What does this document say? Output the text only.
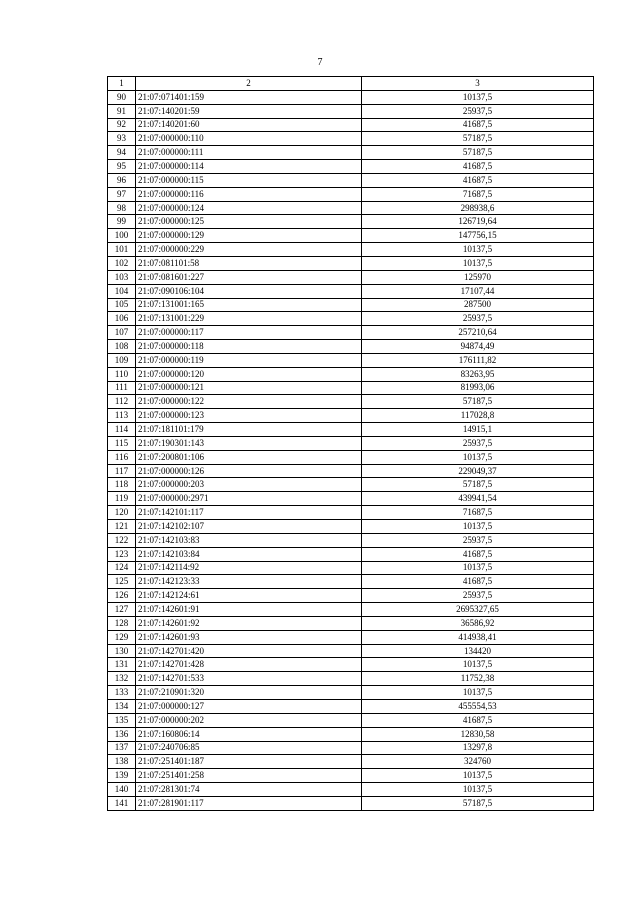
7
1	2	3
90	21:07:071401:159	10137,5
91	21:07:140201:59	25937,5
92	21:07:140201:60	41687,5
93	21:07:000000:110	57187,5
94	21:07:000000:111	57187,5
95	21:07:000000:114	41687,5
96	21:07:000000:115	41687,5
97	21:07:000000:116	71687,5
98	21:07:000000:124	298938,6
99	21:07:000000:125	126719,64
100	21:07:000000:129	147756,15
101	21:07:000000:229	10137,5
102	21:07:081101:58	10137,5
103	21:07:081601:227	125970
104	21:07:090106:104	17107,44
105	21:07:131001:165	287500
106	21:07:131001:229	25937,5
107	21:07:000000:117	257210,64
108	21:07:000000:118	94874,49
109	21:07:000000:119	176111,82
110	21:07:000000:120	83263,95
111	21:07:000000:121	81993,06
112	21:07:000000:122	57187,5
113	21:07:000000:123	117028,8
114	21:07:181101:179	14915,1
115	21:07:190301:143	25937,5
116	21:07:200801:106	10137,5
117	21:07:000000:126	229049,37
118	21:07:000000:203	57187,5
119	21:07:000000:2971	439941,54
120	21:07:142101:117	71687,5
121	21:07:142102:107	10137,5
122	21:07:142103:83	25937,5
123	21:07:142103:84	41687,5
124	21:07:142114:92	10137,5
125	21:07:142123:33	41687,5
126	21:07:142124:61	25937,5
127	21:07:142601:91	2695327,65
128	21:07:142601:92	36586,92
129	21:07:142601:93	414938,41
130	21:07:142701:420	134420
131	21:07:142701:428	10137,5
132	21:07:142701:533	11752,38
133	21:07:210901:320	10137,5
134	21:07:000000:127	455554,53
135	21:07:000000:202	41687,5
136	21:07:160806:14	12830,58
137	21:07:240706:85	13297,8
138	21:07:251401:187	324760
139	21:07:251401:258	10137,5
140	21:07:281301:74	10137,5
141	21:07:281901:117	57187,5
